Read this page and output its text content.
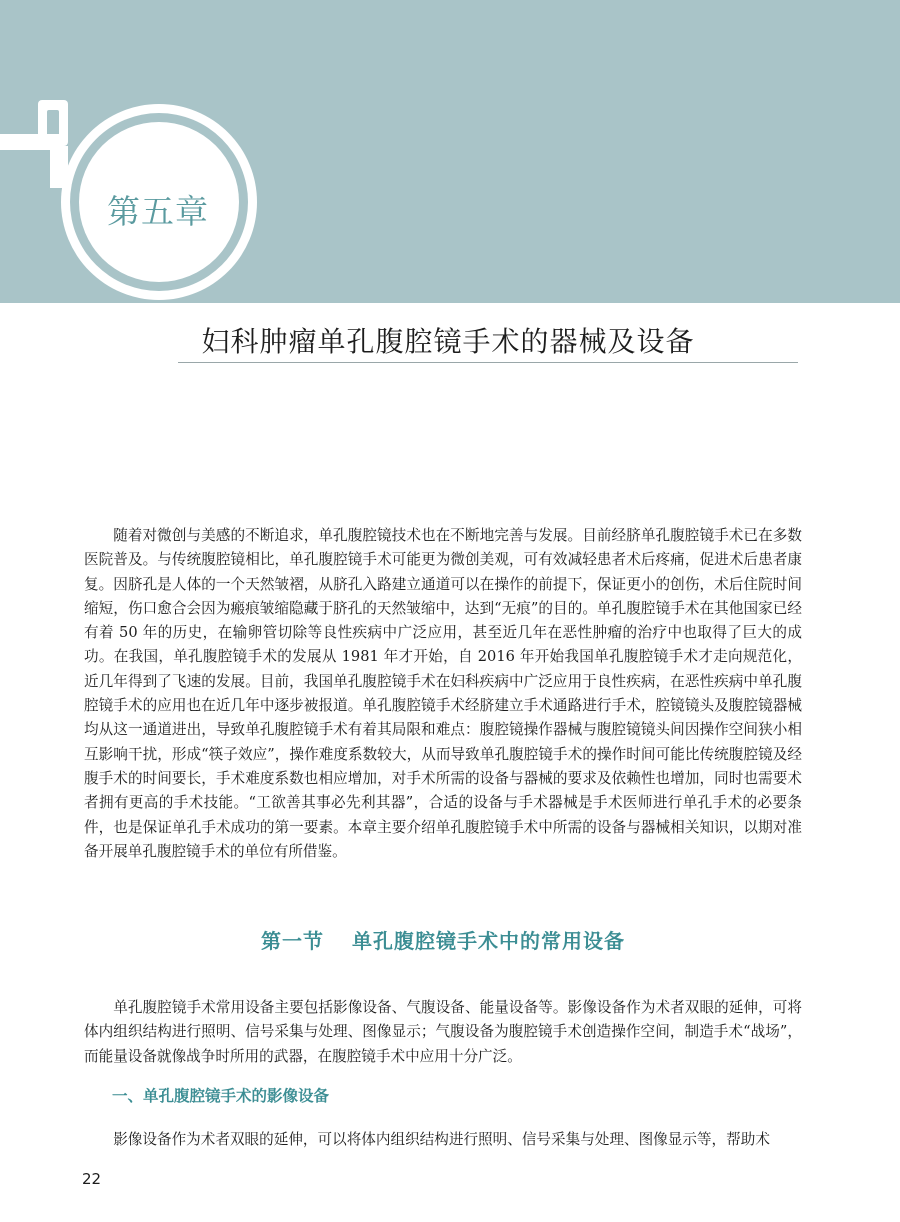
第五章
妇科肿瘤单孔腹腔镜手术的器械及设备

随着对微创与美感的不断追求，单孔腹腔镜技术也在不断地完善与发展。目前经脐单孔腹腔镜手术已在多数医院普及。与传统腹腔镜相比，单孔腹腔镜手术可能更为微创美观，可有效减轻患者术后疼痛，促进术后患者康复。因脐孔是人体的一个天然皱褶，从脐孔入路建立通道可以在操作的前提下，保证更小的创伤，术后住院时间缩短，伤口愈合会因为瘢痕皱缩隐藏于脐孔的天然皱缩中，达到“无痕”的目的。单孔腹腔镜手术在其他国家已经有着 50 年的历史，在输卵管切除等良性疾病中广泛应用，甚至近几年在恶性肿瘤的治疗中也取得了巨大的成功。在我国，单孔腹腔镜手术的发展从 1981 年才开始，自 2016 年开始我国单孔腹腔镜手术才走向规范化，近几年得到了飞速的发展。目前，我国单孔腹腔镜手术在妇科疾病中广泛应用于良性疾病，在恶性疾病中单孔腹腔镜手术的应用也在近几年中逐步被报道。单孔腹腔镜手术经脐建立手术通路进行手术，腔镜镜头及腹腔镜器械均从这一通道进出，导致单孔腹腔镜手术有着其局限和难点：腹腔镜操作器械与腹腔镜镜头间因操作空间狭小相互影响干扰，形成“筷子效应”，操作难度系数较大，从而导致单孔腹腔镜手术的操作时间可能比传统腹腔镜及经腹手术的时间要长，手术难度系数也相应增加，对手术所需的设备与器械的要求及依赖性也增加，同时也需要术者拥有更高的手术技能。“工欲善其事必先利其器”，合适的设备与手术器械是手术医师进行单孔手术的必要条件，也是保证单孔手术成功的第一要素。本章主要介绍单孔腹腔镜手术中所需的设备与器械相关知识，以期对准备开展单孔腹腔镜手术的单位有所借鉴。

第一节 单孔腹腔镜手术中的常用设备

单孔腹腔镜手术常用设备主要包括影像设备、气腹设备、能量设备等。影像设备作为术者双眼的延伸，可将体内组织结构进行照明、信号采集与处理、图像显示；气腹设备为腹腔镜手术创造操作空间，制造手术“战场”，而能量设备就像战争时所用的武器，在腹腔镜手术中应用十分广泛。

一、单孔腹腔镜手术的影像设备

影像设备作为术者双眼的延伸，可以将体内组织结构进行照明、信号采集与处理、图像显示等，帮助术

22
